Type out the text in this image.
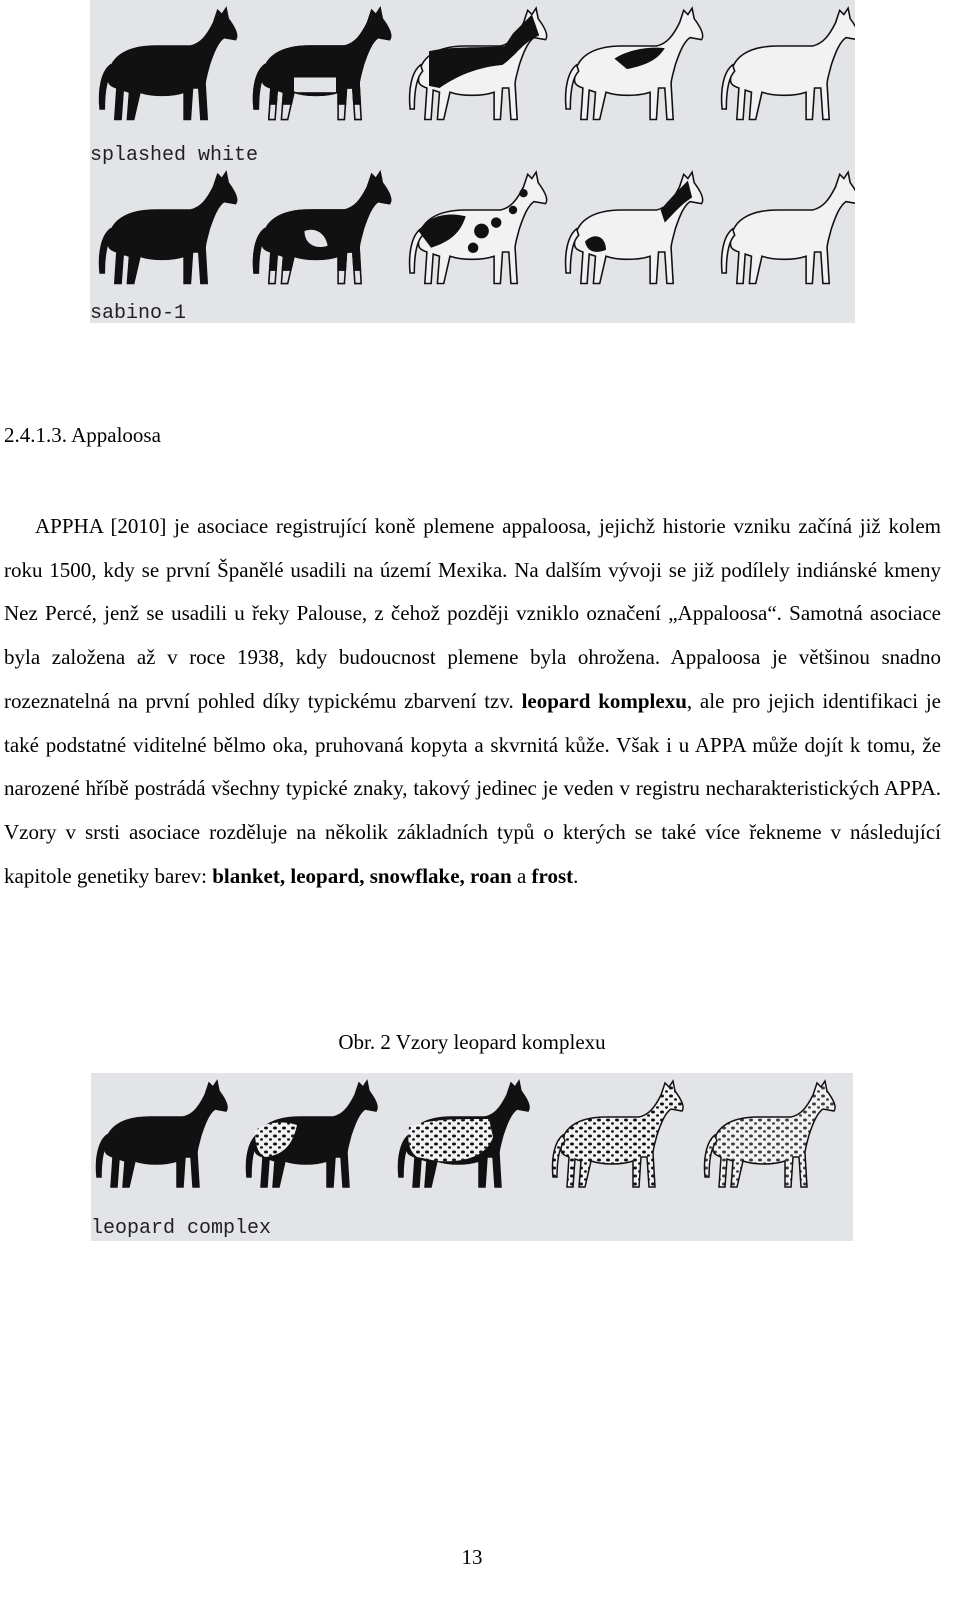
splashed white
sabino-1
2.4.1.3. Appaloosa
APPHA [2010] je asociace registrující koně plemene appaloosa, jejichž historie vzniku začíná již kolem roku 1500, kdy se první Španělé usadili na území Mexika. Na dalším vývoji se již podílely indiánské kmeny Nez Percé, jenž se usadili u řeky Palouse, z čehož později vzniklo označení „Appaloosa“. Samotná asociace byla založena až v roce 1938, kdy budoucnost plemene byla ohrožena. Appaloosa je většinou snadno rozeznatelná na první pohled díky typickému zbarvení tzv. leopard komplexu, ale pro jejich identifikaci je také podstatné viditelné bělmo oka, pruhovaná kopyta a skvrnitá kůže. Však i u APPA může dojít k tomu, že narozené hříbě postrádá všechny typické znaky, takový jedinec je veden v registru necharakteristických APPA. Vzory v srsti asociace rozděluje na několik základních typů o kterých se také více řekneme v následující kapitole genetiky barev: blanket, leopard, snowflake, roan a frost.
Obr. 2 Vzory leopard komplexu
leopard complex
13
